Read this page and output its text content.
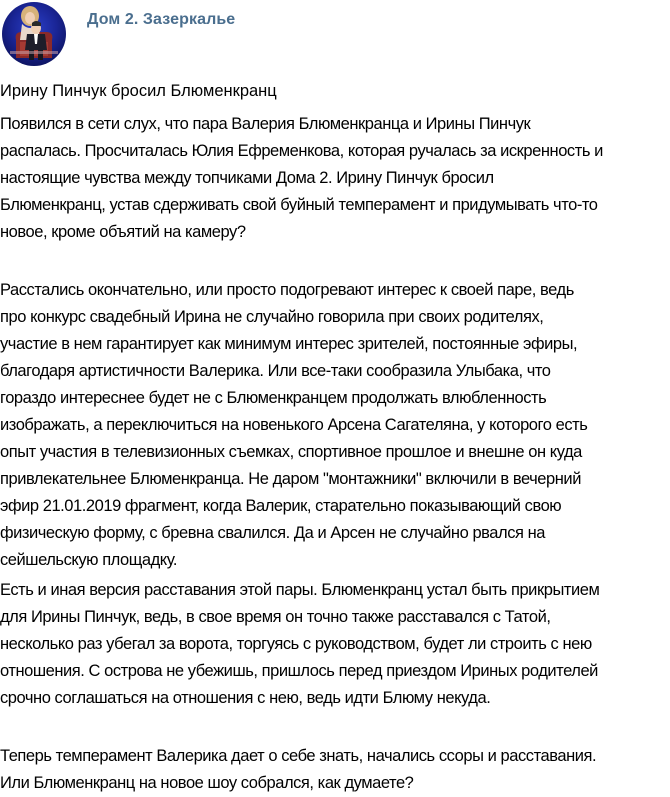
Дом 2. Зазеркалье

Ирину Пинчук бросил Блюменкранц

Появился в сети слух, что пара Валерия Блюменкранца и Ирины Пинчук
распалась. Просчиталась Юлия Ефременкова, которая ручалась за искренность и
настоящие чувства между топчиками Дома 2. Ирину Пинчук бросил
Блюменкранц, устав сдерживать свой буйный темперамент и придумывать что-то
новое, кроме объятий на камеру?

Расстались окончательно, или просто подогревают интерес к своей паре, ведь
про конкурс свадебный Ирина не случайно говорила при своих родителях,
участие в нем гарантирует как минимум интерес зрителей, постоянные эфиры,
благодаря артистичности Валерика. Или все-таки сообразила Улыбака, что
гораздо интереснее будет не с Блюменкранцем продолжать влюбленность
изображать, а переключиться на новенького Арсена Сагателяна, у которого есть
опыт участия в телевизионных съемках, спортивное прошлое и внешне он куда
привлекательнее Блюменкранца. Не даром "монтажники" включили в вечерний
эфир 21.01.2019 фрагмент, когда Валерик, старательно показывающий свою
физическую форму, с бревна свалился. Да и Арсен не случайно рвался на
сейшельскую площадку.

Есть и иная версия расставания этой пары. Блюменкранц устал быть прикрытием
для Ирины Пинчук, ведь, в свое время он точно также расставался с Татой,
несколько раз убегал за ворота, торгуясь с руководством, будет ли строить с нею
отношения. С острова не убежишь, пришлось перед приездом Ириных родителей
срочно соглашаться на отношения с нею, ведь идти Блюму некуда.

Теперь темперамент Валерика дает о себе знать, начались ссоры и расставания.
Или Блюменкранц на новое шоу собрался, как думаете?
